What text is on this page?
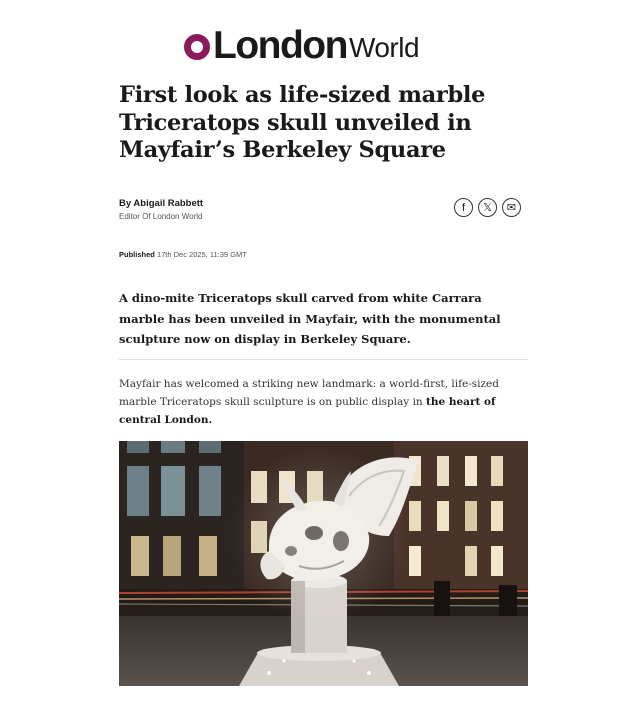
London World
First look as life-sized marble Triceratops skull unveiled in Mayfair’s Berkeley Square
By Abigail Rabbett
Editor Of London World
f	𝕏	✉
Published 17th Dec 2025, 11:39 GMT

A dino-mite Triceratops skull carved from white Carrara marble has been unveiled in Mayfair, with the monumental sculpture now on display in Berkeley Square.

Mayfair has welcomed a striking new landmark: a world-first, life-sized marble Triceratops skull sculpture is on public display in the heart of central London.
